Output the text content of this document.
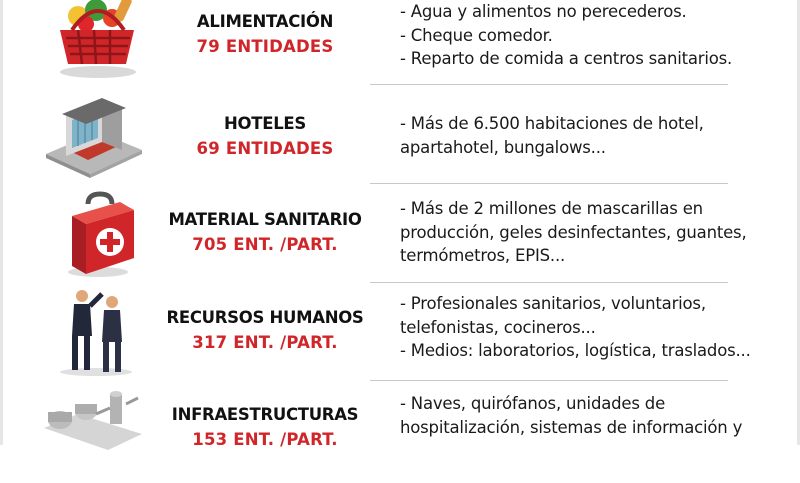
ALIMENTACIÓN
79 ENTIDADES
- Agua y alimentos no perecederos.
- Cheque comedor.
- Reparto de comida a centros sanitarios.
HOTELES
69 ENTIDADES
- Más de 6.500 habitaciones de hotel,
apartahotel, bungalows...
MATERIAL SANITARIO
705 ENT. /PART.
- Más de 2 millones de mascarillas en
producción, geles desinfectantes, guantes,
termómetros, EPIS...
RECURSOS HUMANOS
317 ENT. /PART.
- Profesionales sanitarios, voluntarios,
telefonistas, cocineros...
- Medios: laboratorios, logística, traslados...
INFRAESTRUCTURAS
153 ENT. /PART.
- Naves, quirófanos, unidades de
hospitalización, sistemas de información y
